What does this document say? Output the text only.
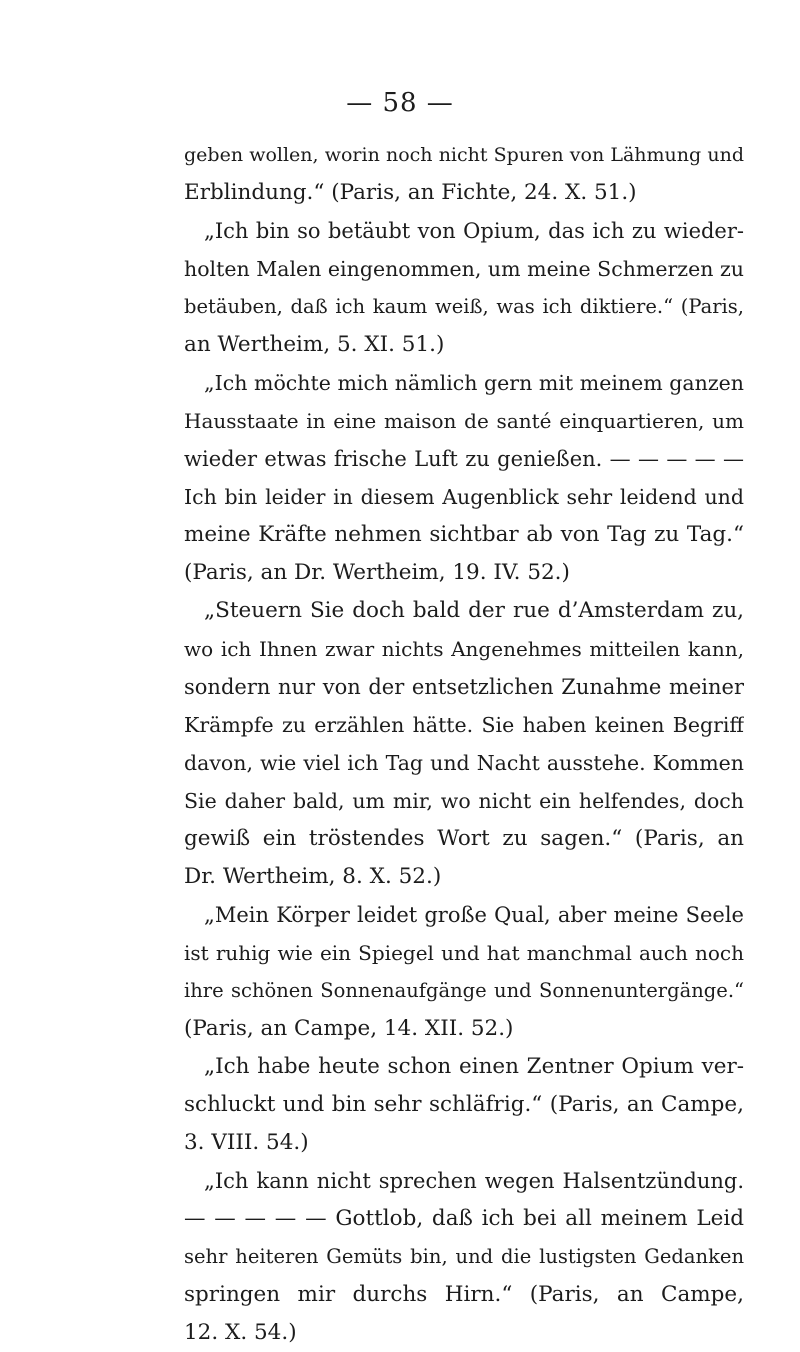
— 58 —
geben wollen, worin noch nicht Spuren von Lähmung und
Erblindung.“ (Paris, an Fichte, 24. X. 51.)
„Ich bin so betäubt von Opium, das ich zu wieder-
holten Malen eingenommen, um meine Schmerzen zu
betäuben, daß ich kaum weiß, was ich diktiere.“ (Paris,
an Wertheim, 5. XI. 51.)
„Ich möchte mich nämlich gern mit meinem ganzen
Hausstaate in eine maison de santé einquartieren, um
wieder etwas frische Luft zu genießen. — — — — —
Ich bin leider in diesem Augenblick sehr leidend und
meine Kräfte nehmen sichtbar ab von Tag zu Tag.“
(Paris, an Dr. Wertheim, 19. IV. 52.)
„Steuern Sie doch bald der rue d’Amsterdam zu,
wo ich Ihnen zwar nichts Angenehmes mitteilen kann,
sondern nur von der entsetzlichen Zunahme meiner
Krämpfe zu erzählen hätte. Sie haben keinen Begriff
davon, wie viel ich Tag und Nacht ausstehe. Kommen
Sie daher bald, um mir, wo nicht ein helfendes, doch
gewiß ein tröstendes Wort zu sagen.“ (Paris, an
Dr. Wertheim, 8. X. 52.)
„Mein Körper leidet große Qual, aber meine Seele
ist ruhig wie ein Spiegel und hat manchmal auch noch
ihre schönen Sonnenaufgänge und Sonnenuntergänge.“
(Paris, an Campe, 14. XII. 52.)
„Ich habe heute schon einen Zentner Opium ver-
schluckt und bin sehr schläfrig.“ (Paris, an Campe,
3. VIII. 54.)
„Ich kann nicht sprechen wegen Halsentzündung.
— — — — — Gottlob, daß ich bei all meinem Leid
sehr heiteren Gemüts bin, und die lustigsten Gedanken
springen mir durchs Hirn.“ (Paris, an Campe,
12. X. 54.)
